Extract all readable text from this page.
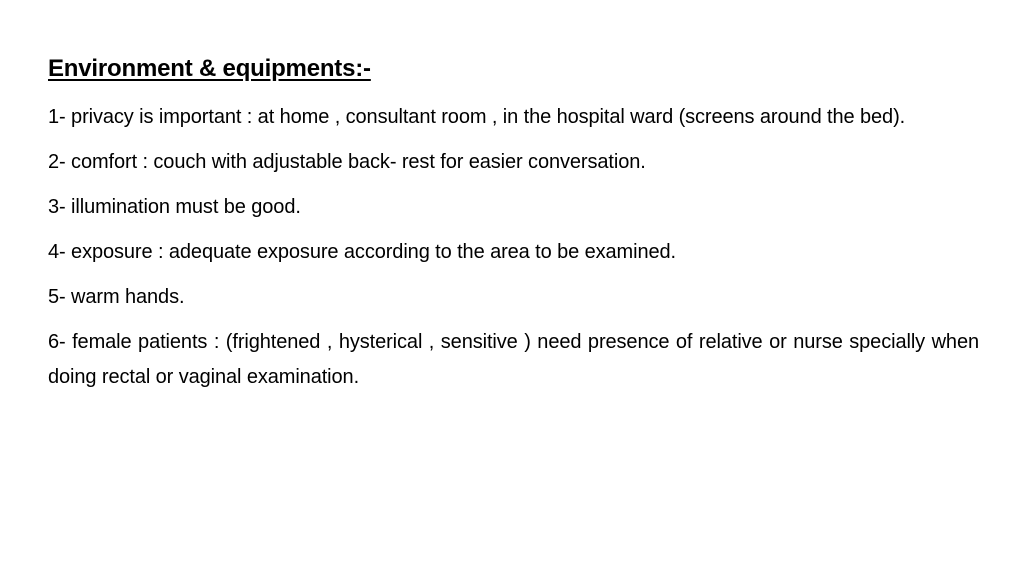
Environment & equipments:-

1- privacy is important : at home , consultant room , in the hospital ward (screens around the bed).

2- comfort : couch with adjustable back- rest for easier conversation.

3- illumination must be good.

4- exposure : adequate exposure according to the area to be examined.

5- warm hands.

6- female patients : (frightened , hysterical , sensitive ) need presence of relative or nurse specially when doing rectal or vaginal examination.
